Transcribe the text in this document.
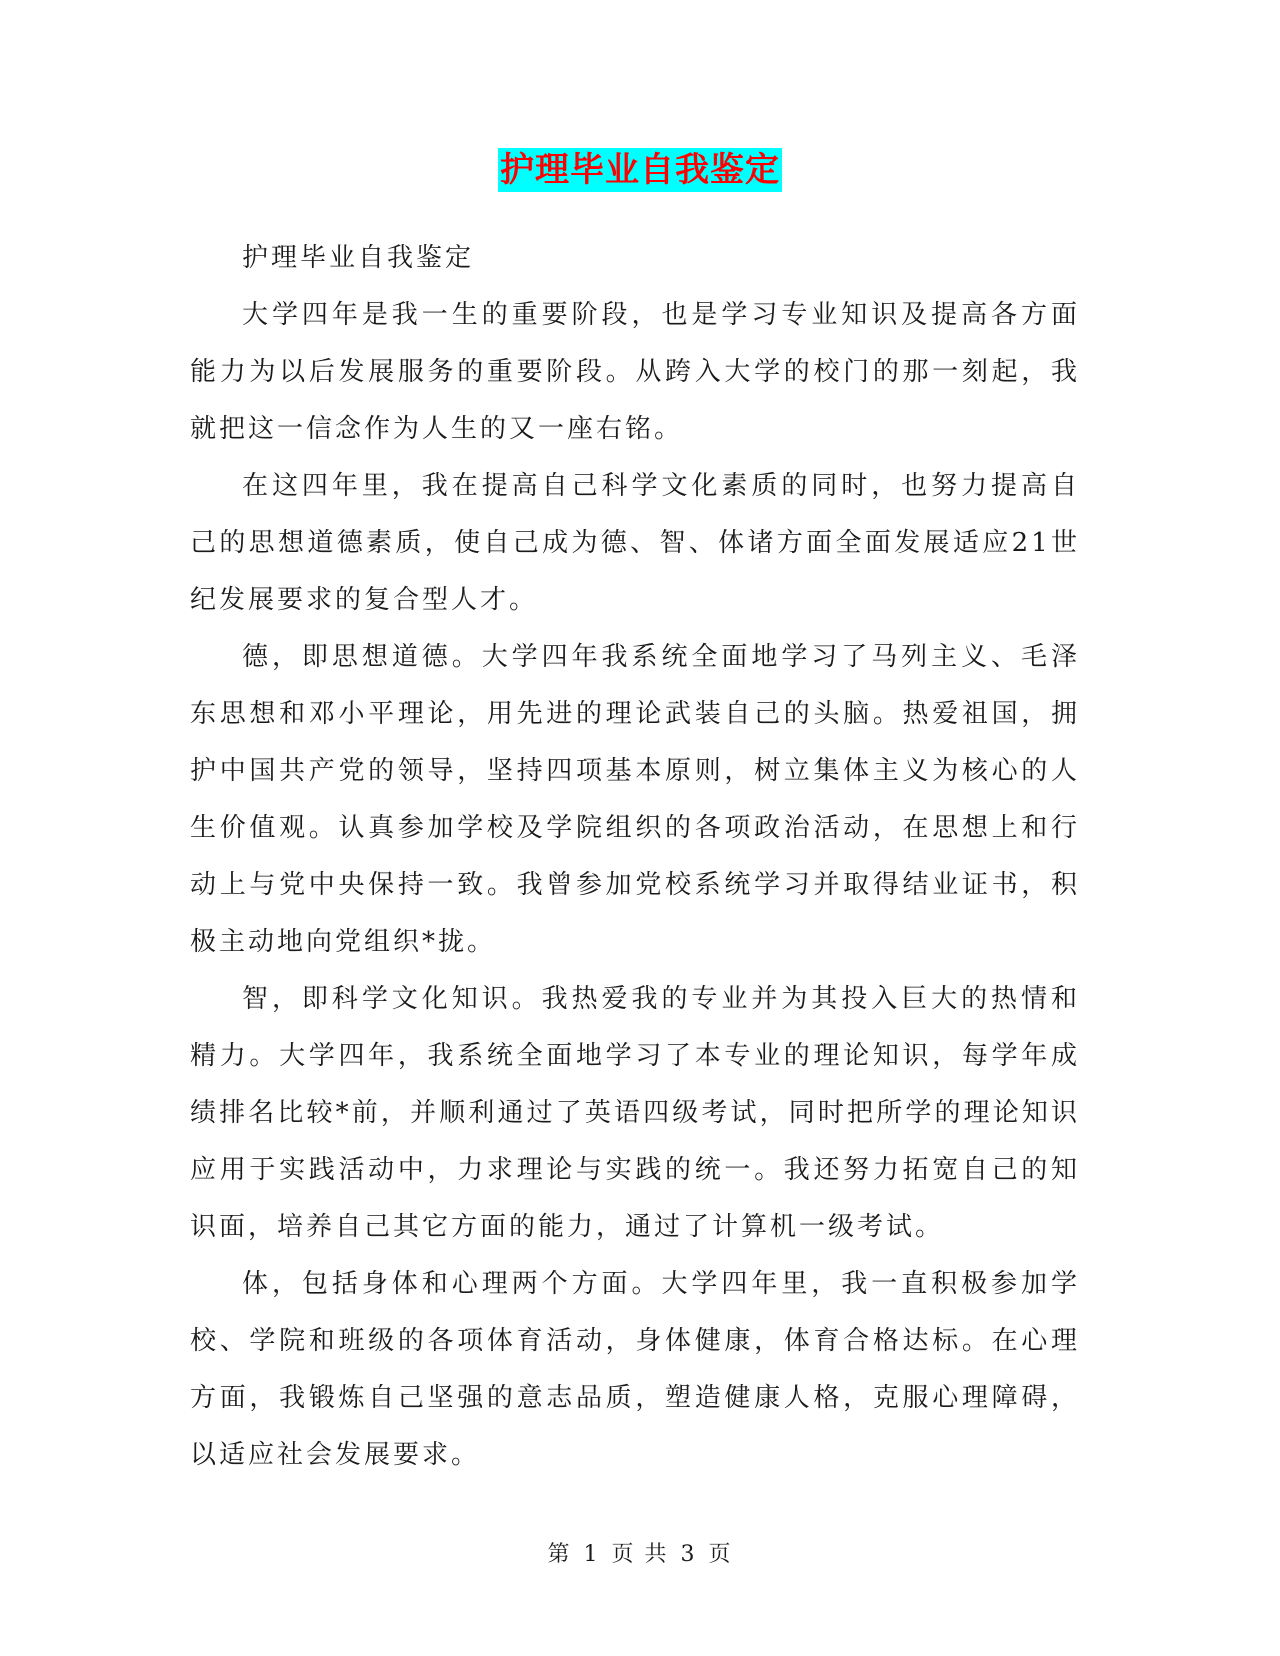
护理毕业自我鉴定

护理毕业自我鉴定

大学四年是我一生的重要阶段，也是学习专业知识及提高各方面能力为以后发展服务的重要阶段。从跨入大学的校门的那一刻起，我就把这一信念作为人生的又一座右铭。

在这四年里，我在提高自己科学文化素质的同时，也努力提高自己的思想道德素质，使自己成为德、智、体诸方面全面发展适应21世纪发展要求的复合型人才。

德，即思想道德。大学四年我系统全面地学习了马列主义、毛泽东思想和邓小平理论，用先进的理论武装自己的头脑。热爱祖国，拥护中国共产党的领导，坚持四项基本原则，树立集体主义为核心的人生价值观。认真参加学校及学院组织的各项政治活动，在思想上和行动上与党中央保持一致。我曾参加党校系统学习并取得结业证书，积极主动地向党组织*拢。

智，即科学文化知识。我热爱我的专业并为其投入巨大的热情和精力。大学四年，我系统全面地学习了本专业的理论知识，每学年成绩排名比较*前，并顺利通过了英语四级考试，同时把所学的理论知识应用于实践活动中，力求理论与实践的统一。我还努力拓宽自己的知识面，培养自己其它方面的能力，通过了计算机一级考试。

体，包括身体和心理两个方面。大学四年里，我一直积极参加学校、学院和班级的各项体育活动，身体健康，体育合格达标。在心理方面，我锻炼自己坚强的意志品质，塑造健康人格，克服心理障碍，以适应社会发展要求。

第 1 页 共 3 页
